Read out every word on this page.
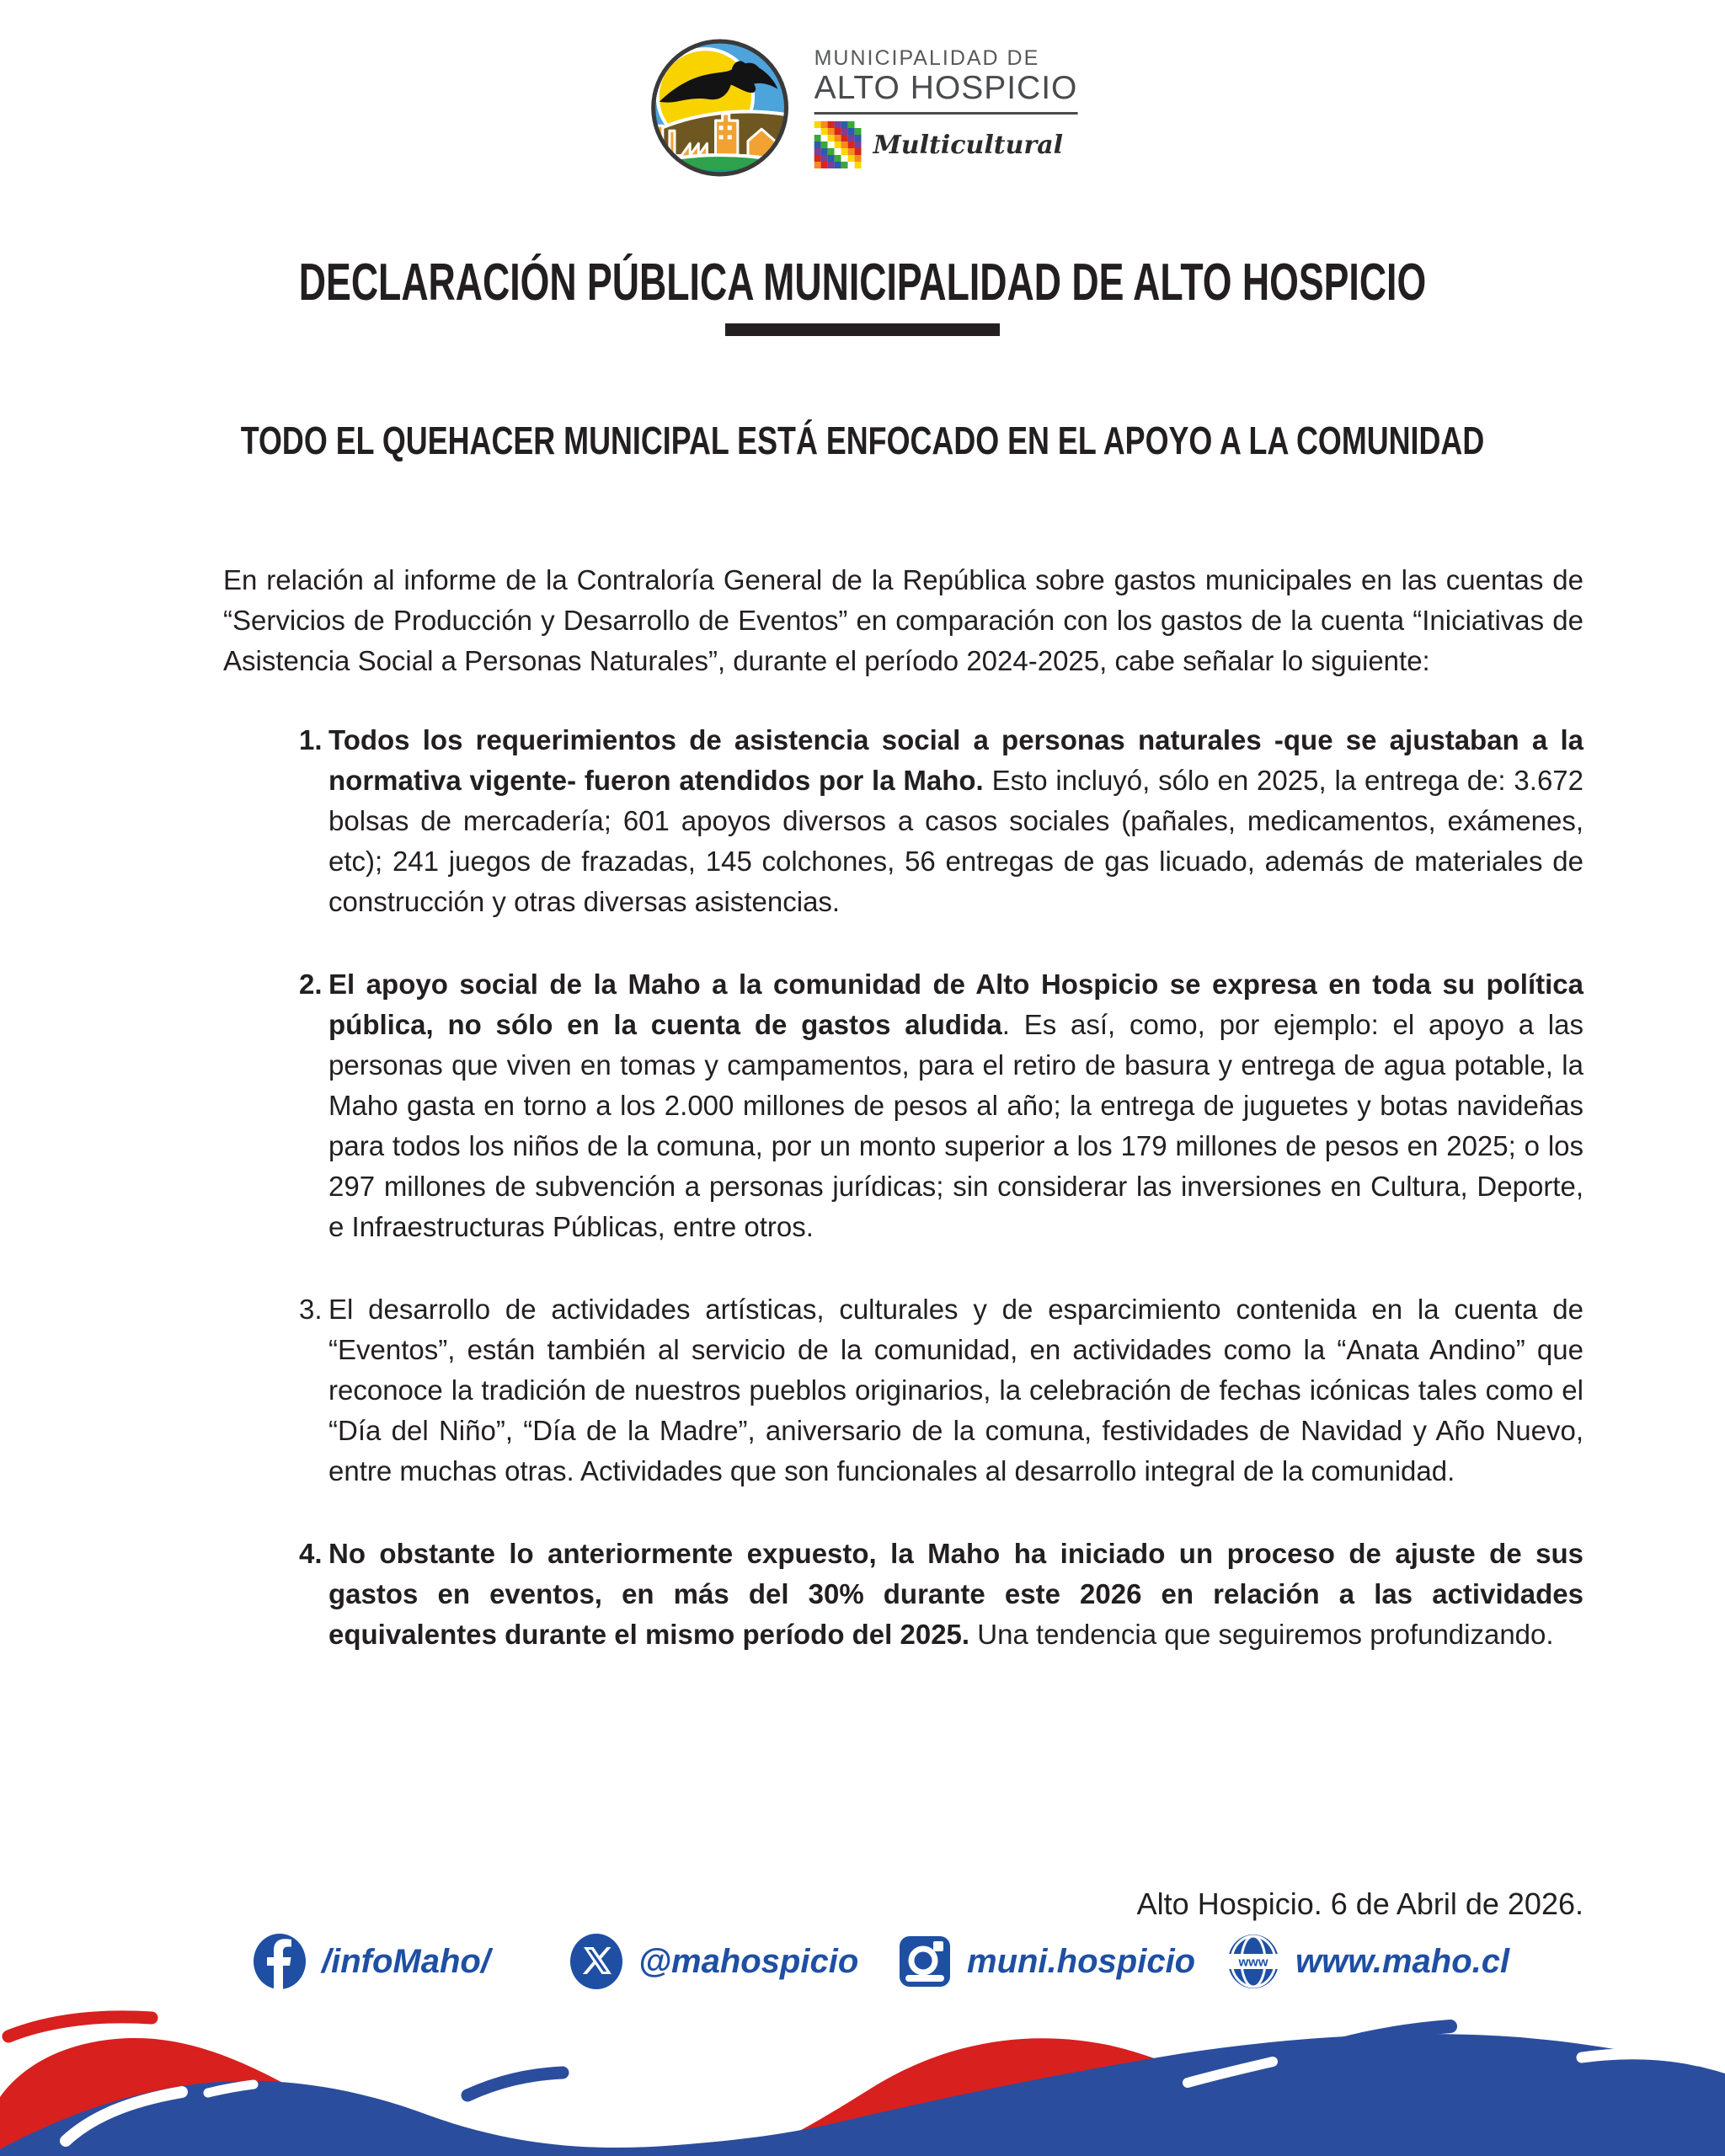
MUNICIPALIDAD DE
ALTO HOSPICIO
Multicultural
DECLARACIÓN PÚBLICA MUNICIPALIDAD DE ALTO HOSPICIO
TODO EL QUEHACER MUNICIPAL ESTÁ ENFOCADO EN EL APOYO A LA COMUNIDAD

En relación al informe de la Contraloría General de la República sobre gastos municipales en las cuentas de “Servicios de Producción y Desarrollo de Eventos” en comparación con los gastos de la cuenta “Iniciativas de Asistencia Social a Personas Naturales”, durante el período 2024-2025, cabe señalar lo siguiente:

1. Todos los requerimientos de asistencia social a personas naturales -que se ajustaban a la normativa vigente- fueron atendidos por la Maho. Esto incluyó, sólo en 2025, la entrega de: 3.672 bolsas de mercadería; 601 apoyos diversos a casos sociales (pañales, medicamentos, exámenes, etc); 241 juegos de frazadas, 145 colchones, 56 entregas de gas licuado, además de materiales de construcción y otras diversas asistencias.
2. El apoyo social de la Maho a la comunidad de Alto Hospicio se expresa en toda su política pública, no sólo en la cuenta de gastos aludida. Es así, como, por ejemplo: el apoyo a las personas que viven en tomas y campamentos, para el retiro de basura y entrega de agua potable, la Maho gasta en torno a los 2.000 millones de pesos al año; la entrega de juguetes y botas navideñas para todos los niños de la comuna, por un monto superior a los 179 millones de pesos en 2025; o los 297 millones de subvención a personas jurídicas; sin considerar las inversiones en Cultura, Deporte, e Infraestructuras Públicas, entre otros.
3. El desarrollo de actividades artísticas, culturales y de esparcimiento contenida en la cuenta de “Eventos”, están también al servicio de la comunidad, en actividades como la “Anata Andino” que reconoce la tradición de nuestros pueblos originarios, la celebración de fechas icónicas tales como el “Día del Niño”, “Día de la Madre”, aniversario de la comuna, festividades de Navidad y Año Nuevo, entre muchas otras. Actividades que son funcionales al desarrollo integral de la comunidad.
4. No obstante lo anteriormente expuesto, la Maho ha iniciado un proceso de ajuste de sus gastos en eventos, en más del 30% durante este 2026 en relación a las actividades equivalentes durante el mismo período del 2025. Una tendencia que seguiremos profundizando.
Alto Hospicio. 6 de Abril de 2026.
/infoMaho/	@mahospicio	muni.hospicio	www www.maho.cl
